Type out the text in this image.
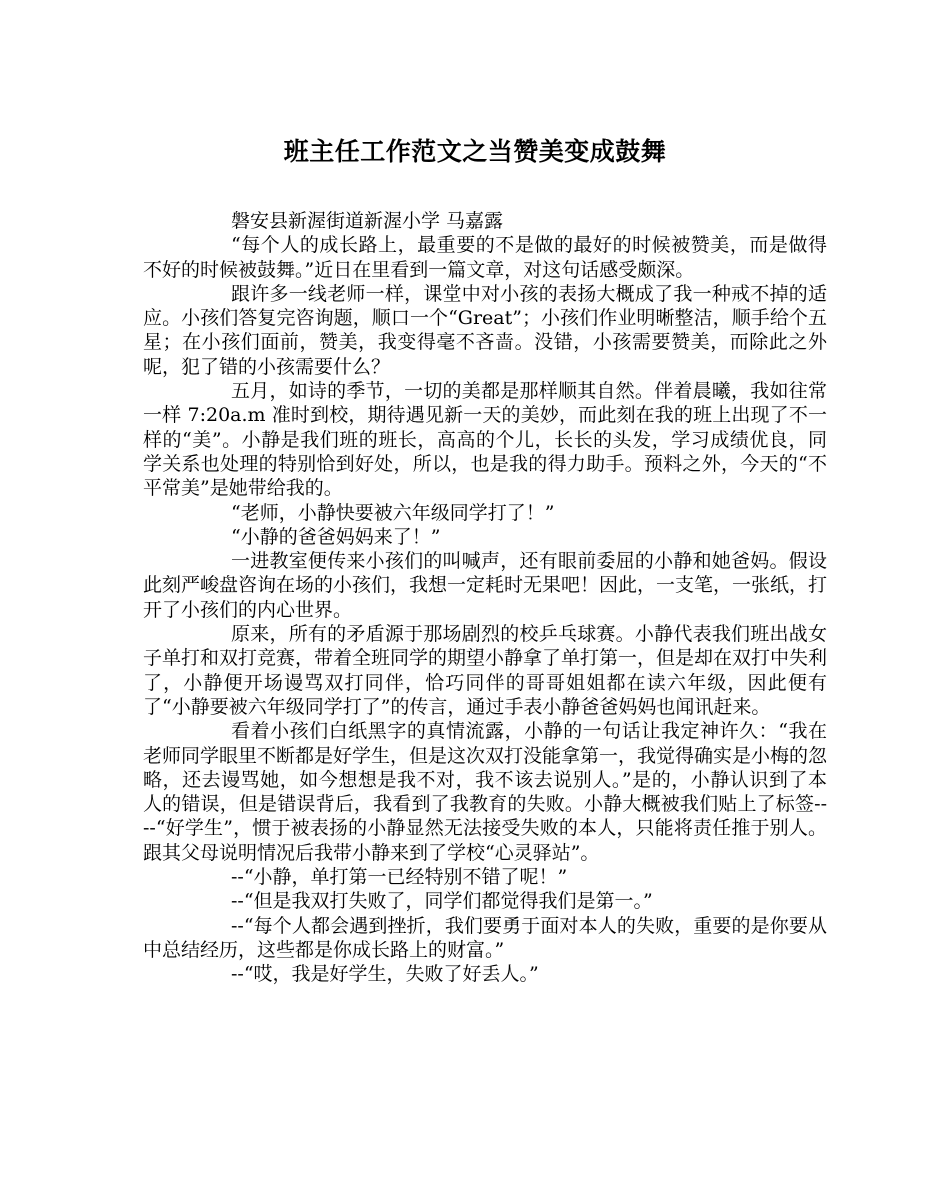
班主任工作范文之当赞美变成鼓舞

磐安县新渥街道新渥小学 马嘉露

“每个人的成长路上，最重要的不是做的最好的时候被赞美，而是做得不好的时候被鼓舞。”近日在里看到一篇文章，对这句话感受颇深。

跟许多一线老师一样，课堂中对小孩的表扬大概成了我一种戒不掉的适应。小孩们答复完咨询题，顺口一个“Great”；小孩们作业明晰整洁，顺手给个五星；在小孩们面前，赞美，我变得毫不吝啬。没错，小孩需要赞美，而除此之外呢，犯了错的小孩需要什么？

五月，如诗的季节，一切的美都是那样顺其自然。伴着晨曦，我如往常一样 7:20a.m 准时到校，期待遇见新一天的美妙，而此刻在我的班上出现了不一样的“美”。小静是我们班的班长，高高的个儿，长长的头发，学习成绩优良，同学关系也处理的特别恰到好处，所以，也是我的得力助手。预料之外，今天的“不平常美”是她带给我的。

“老师，小静快要被六年级同学打了！”

“小静的爸爸妈妈来了！”

一进教室便传来小孩们的叫喊声，还有眼前委屈的小静和她爸妈。假设此刻严峻盘咨询在场的小孩们，我想一定耗时无果吧！因此，一支笔，一张纸，打开了小孩们的内心世界。

原来，所有的矛盾源于那场剧烈的校乒乓球赛。小静代表我们班出战女子单打和双打竞赛，带着全班同学的期望小静拿了单打第一，但是却在双打中失利了，小静便开场谩骂双打同伴，恰巧同伴的哥哥姐姐都在读六年级，因此便有了“小静要被六年级同学打了”的传言，通过手表小静爸爸妈妈也闻讯赶来。

看着小孩们白纸黑字的真情流露，小静的一句话让我定神许久：“我在老师同学眼里不断都是好学生，但是这次双打没能拿第一，我觉得确实是小梅的忽略，还去谩骂她，如今想想是我不对，我不该去说别人。”是的，小静认识到了本人的错误，但是错误背后，我看到了我教育的失败。小静大概被我们贴上了标签----“好学生”，惯于被表扬的小静显然无法接受失败的本人，只能将责任推于别人。跟其父母说明情况后我带小静来到了学校“心灵驿站”。

--“小静，单打第一已经特别不错了呢！”

--“但是我双打失败了，同学们都觉得我们是第一。”

--“每个人都会遇到挫折，我们要勇于面对本人的失败，重要的是你要从中总结经历，这些都是你成长路上的财富。”

--“哎，我是好学生，失败了好丢人。”
